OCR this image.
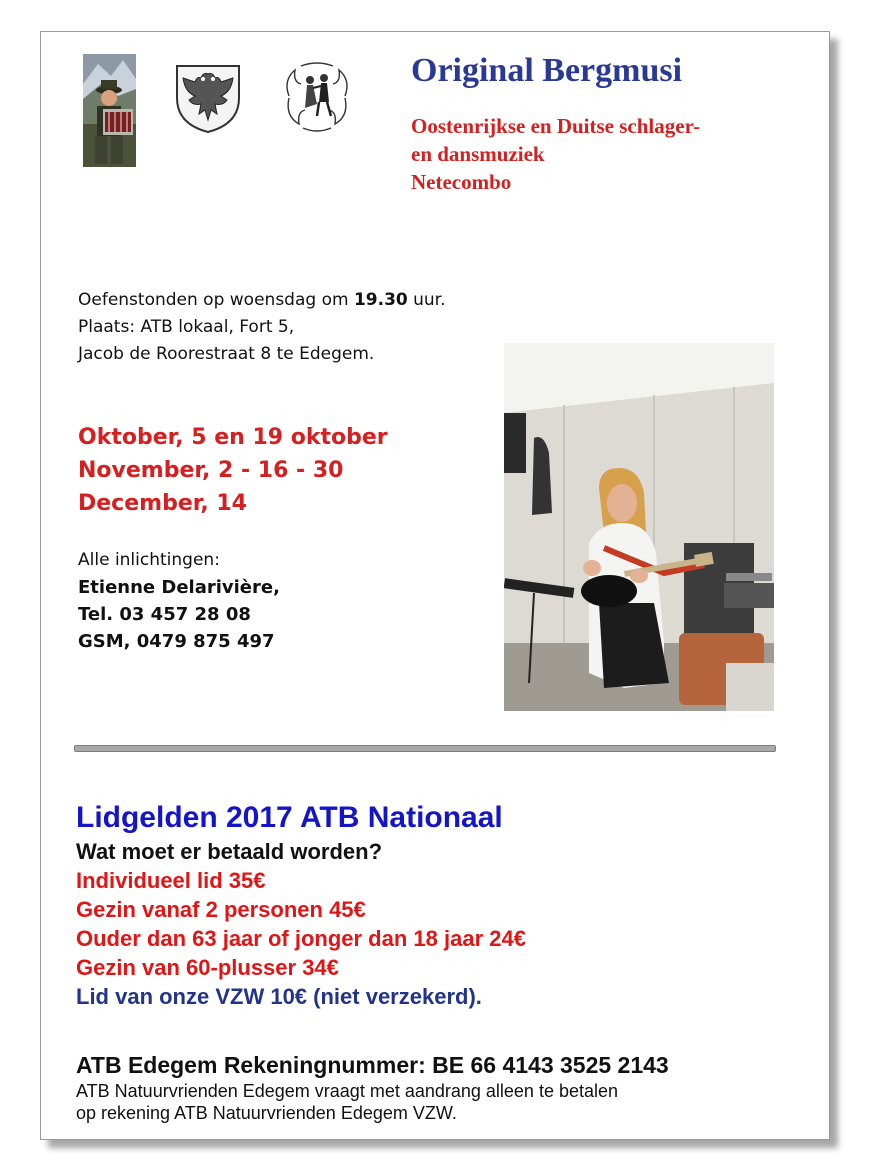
Original Bergmusi
Oostenrijkse en Duitse schlager-
en dansmuziek
Netecombo
Oefenstonden op woensdag om 19.30 uur.
Plaats: ATB lokaal, Fort 5,
Jacob de Roorestraat 8 te Edegem.
Oktober, 5 en 19 oktober
November, 2 - 16 - 30
December, 14
Alle inlichtingen:
Etienne Delarivière,
Tel. 03 457 28 08
GSM, 0479 875 497
Lidgelden 2017 ATB Nationaal
Wat moet er betaald worden?
Individueel lid 35€
Gezin vanaf 2 personen 45€
Ouder dan 63 jaar of jonger dan 18 jaar 24€
Gezin van 60-plusser 34€
Lid van onze VZW 10€ (niet verzekerd).
ATB Edegem Rekeningnummer: BE 66 4143 3525 2143
ATB Natuurvrienden Edegem vraagt met aandrang alleen te betalen
op rekening ATB Natuurvrienden Edegem VZW.
